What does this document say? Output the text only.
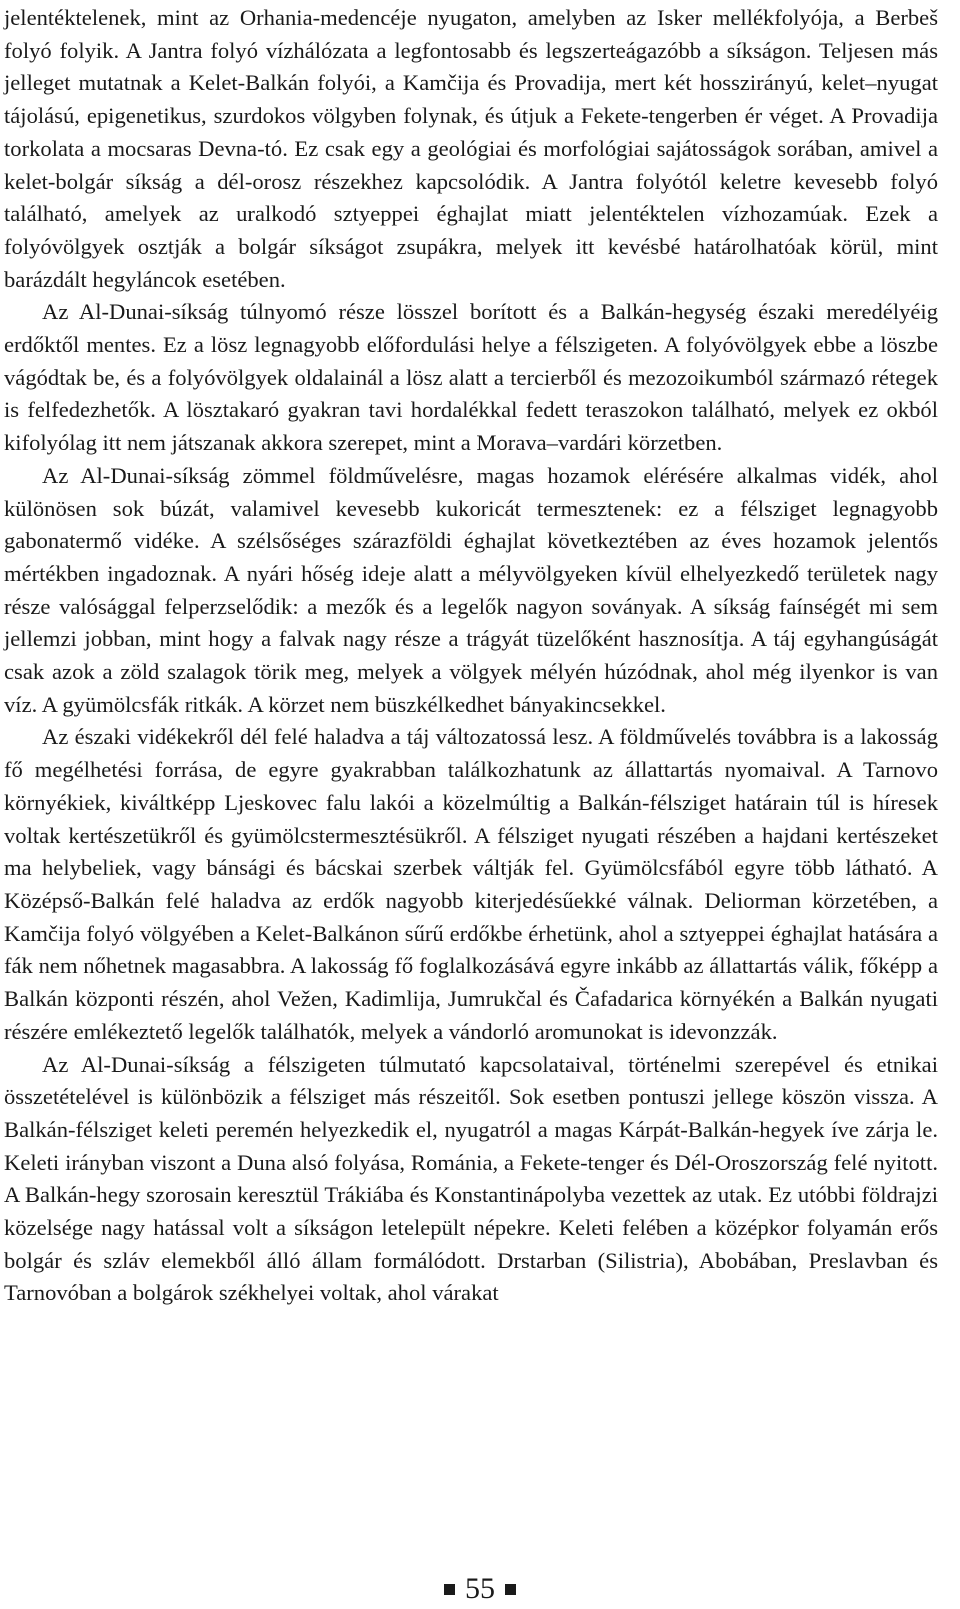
jelentéktelenek, mint az Orhania-medencéje nyugaton, amelyben az Isker mellékfolyója, a Berbeš folyó folyik. A Jantra folyó vízhálózata a legfontosabb és legszerteágazóbb a síkságon. Teljesen más jelleget mutatnak a Kelet-Balkán folyói, a Kamčija és Provadija, mert két hosszirányú, kelet–nyugat tájolású, epigenetikus, szurdokos völgyben folynak, és útjuk a Fekete-tengerben ér véget. A Provadija torkolata a mocsaras Devna-tó. Ez csak egy a geológiai és morfológiai sajátosságok sorában, amivel a kelet-bolgár síkság a dél-orosz részekhez kapcsolódik. A Jantra folyótól keletre kevesebb folyó található, amelyek az uralkodó sztyeppei éghajlat miatt jelentéktelen vízhozamúak. Ezek a folyóvölgyek osztják a bolgár síkságot zsupákra, melyek itt kevésbé határolhatóak körül, mint barázdált hegyláncok esetében.

Az Al-Dunai-síkság túlnyomó része lösszel borított és a Balkán-hegység északi meredélyéig erdőktől mentes. Ez a lösz legnagyobb előfordulási helye a félszigeten. A folyóvölgyek ebbe a löszbe vágódtak be, és a folyóvölgyek oldalainál a lösz alatt a tercierből és mezozoikumból származó rétegek is felfedezhetők. A lösztakaró gyakran tavi hordalékkal fedett teraszokon található, melyek ez okból kifolyólag itt nem játszanak akkora szerepet, mint a Morava–vardári körzetben.

Az Al-Dunai-síkság zömmel földművelésre, magas hozamok elérésére alkalmas vidék, ahol különösen sok búzát, valamivel kevesebb kukoricát termesztenek: ez a félsziget legnagyobb gabonatermő vidéke. A szélsőséges szárazföldi éghajlat következtében az éves hozamok jelentős mértékben ingadoznak. A nyári hőség ideje alatt a mélyvölgyeken kívül elhelyezkedő területek nagy része valósággal felperzselődik: a mezők és a legelők nagyon soványak. A síkság faínségét mi sem jellemzi jobban, mint hogy a falvak nagy része a trágyát tüzelőként hasznosítja. A táj egyhangúságát csak azok a zöld szalagok törik meg, melyek a völgyek mélyén húzódnak, ahol még ilyenkor is van víz. A gyümölcsfák ritkák. A körzet nem büszkélkedhet bányakincsekkel.

Az északi vidékekről dél felé haladva a táj változatossá lesz. A földművelés továbbra is a lakosság fő megélhetési forrása, de egyre gyakrabban találkozhatunk az állattartás nyomaival. A Tarnovo környékiek, kiváltképp Ljeskovec falu lakói a közelmúltig a Balkán-félsziget határain túl is híresek voltak kertészetükről és gyümölcstermesztésükről. A félsziget nyugati részében a hajdani kertészeket ma helybeliek, vagy bánsági és bácskai szerbek váltják fel. Gyümölcsfából egyre több látható. A Középső-Balkán felé haladva az erdők nagyobb kiterjedésűekké válnak. Deliorman körzetében, a Kamčija folyó völgyében a Kelet-Balkánon sűrű erdőkbe érhetünk, ahol a sztyeppei éghajlat hatására a fák nem nőhetnek magasabbra. A lakosság fő foglalkozásává egyre inkább az állattartás válik, főképp a Balkán központi részén, ahol Vežen, Kadimlija, Jumrukčal és Čafadarica környékén a Balkán nyugati részére emlékeztető legelők találhatók, melyek a vándorló aromunokat is idevonzzák.

Az Al-Dunai-síkság a félszigeten túlmutató kapcsolataival, történelmi szerepével és etnikai összetételével is különbözik a félsziget más részeitől. Sok esetben pontuszi jellege köszön vissza. A Balkán-félsziget keleti peremén helyezkedik el, nyugatról a magas Kárpát-Balkán-hegyek íve zárja le. Keleti irányban viszont a Duna alsó folyása, Románia, a Fekete-tenger és Dél-Oroszország felé nyitott. A Balkán-hegy szorosain keresztül Trákiába és Konstantinápolyba vezettek az utak. Ez utóbbi földrajzi közelsége nagy hatással volt a síkságon letelepült népekre. Keleti felében a középkor folyamán erős bolgár és szláv elemekből álló állam formálódott. Drstarban (Silistria), Abobában, Preslavban és Tarnovóban a bolgárok székhelyei voltak, ahol várakat

55
